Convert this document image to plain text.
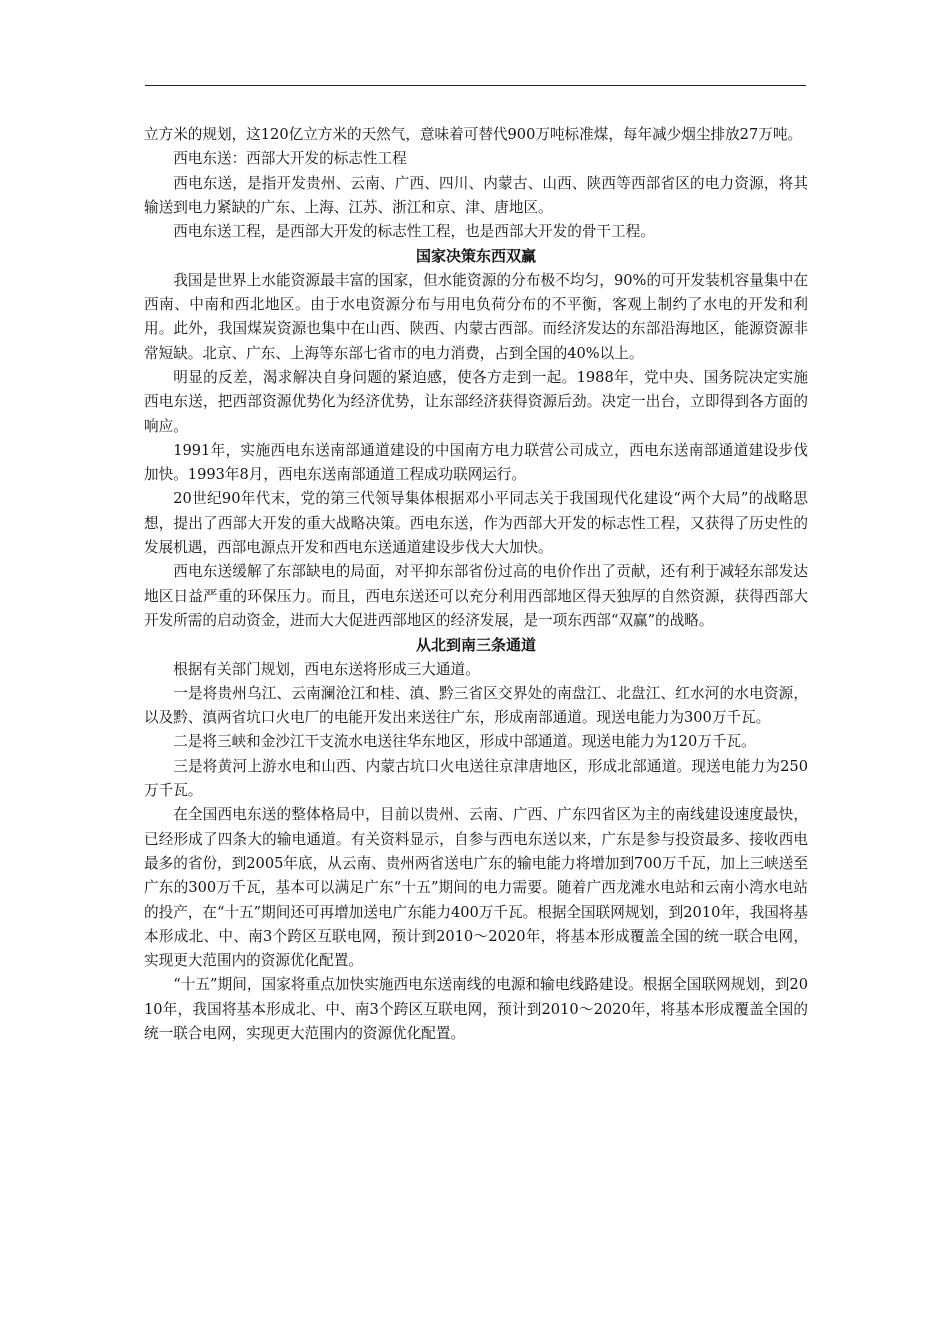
立方米的规划，这120亿立方米的天然气，意味着可替代900万吨标准煤，每年减少烟尘排放27万吨。

西电东送：西部大开发的标志性工程

西电东送，是指开发贵州、云南、广西、四川、内蒙古、山西、陕西等西部省区的电力资源，将其输送到电力紧缺的广东、上海、江苏、浙江和京、津、唐地区。

西电东送工程，是西部大开发的标志性工程，也是西部大开发的骨干工程。

国家决策东西双赢

我国是世界上水能资源最丰富的国家，但水能资源的分布极不均匀，90%的可开发装机容量集中在西南、中南和西北地区。由于水电资源分布与用电负荷分布的不平衡，客观上制约了水电的开发和利用。此外，我国煤炭资源也集中在山西、陕西、内蒙古西部。而经济发达的东部沿海地区，能源资源非常短缺。北京、广东、上海等东部七省市的电力消费，占到全国的40%以上。

明显的反差，渴求解决自身问题的紧迫感，使各方走到一起。1988年，党中央、国务院决定实施西电东送，把西部资源优势化为经济优势，让东部经济获得资源后劲。决定一出台，立即得到各方面的响应。

1991年，实施西电东送南部通道建设的中国南方电力联营公司成立，西电东送南部通道建设步伐加快。1993年8月，西电东送南部通道工程成功联网运行。

20世纪90年代末，党的第三代领导集体根据邓小平同志关于我国现代化建设“两个大局”的战略思想，提出了西部大开发的重大战略决策。西电东送，作为西部大开发的标志性工程，又获得了历史性的发展机遇，西部电源点开发和西电东送通道建设步伐大大加快。

西电东送缓解了东部缺电的局面，对平抑东部省份过高的电价作出了贡献，还有利于减轻东部发达地区日益严重的环保压力。而且，西电东送还可以充分利用西部地区得天独厚的自然资源，获得西部大开发所需的启动资金，进而大大促进西部地区的经济发展，是一项东西部“双赢”的战略。

从北到南三条通道

根据有关部门规划，西电东送将形成三大通道。

一是将贵州乌江、云南澜沧江和桂、滇、黔三省区交界处的南盘江、北盘江、红水河的水电资源，以及黔、滇两省坑口火电厂的电能开发出来送往广东，形成南部通道。现送电能力为300万千瓦。

二是将三峡和金沙江干支流水电送往华东地区，形成中部通道。现送电能力为120万千瓦。

三是将黄河上游水电和山西、内蒙古坑口火电送往京津唐地区，形成北部通道。现送电能力为250万千瓦。

在全国西电东送的整体格局中，目前以贵州、云南、广西、广东四省区为主的南线建设速度最快，已经形成了四条大的输电通道。有关资料显示，自参与西电东送以来，广东是参与投资最多、接收西电最多的省份，到2005年底，从云南、贵州两省送电广东的输电能力将增加到700万千瓦，加上三峡送至广东的300万千瓦，基本可以满足广东“十五”期间的电力需要。随着广西龙滩水电站和云南小湾水电站的投产，在“十五”期间还可再增加送电广东能力400万千瓦。根据全国联网规划，到2010年，我国将基本形成北、中、南3个跨区互联电网，预计到2010～2020年，将基本形成覆盖全国的统一联合电网，实现更大范围内的资源优化配置。

“十五”期间，国家将重点加快实施西电东送南线的电源和输电线路建设。根据全国联网规划，到2010年，我国将基本形成北、中、南3个跨区互联电网，预计到2010～2020年，将基本形成覆盖全国的统一联合电网，实现更大范围内的资源优化配置。
